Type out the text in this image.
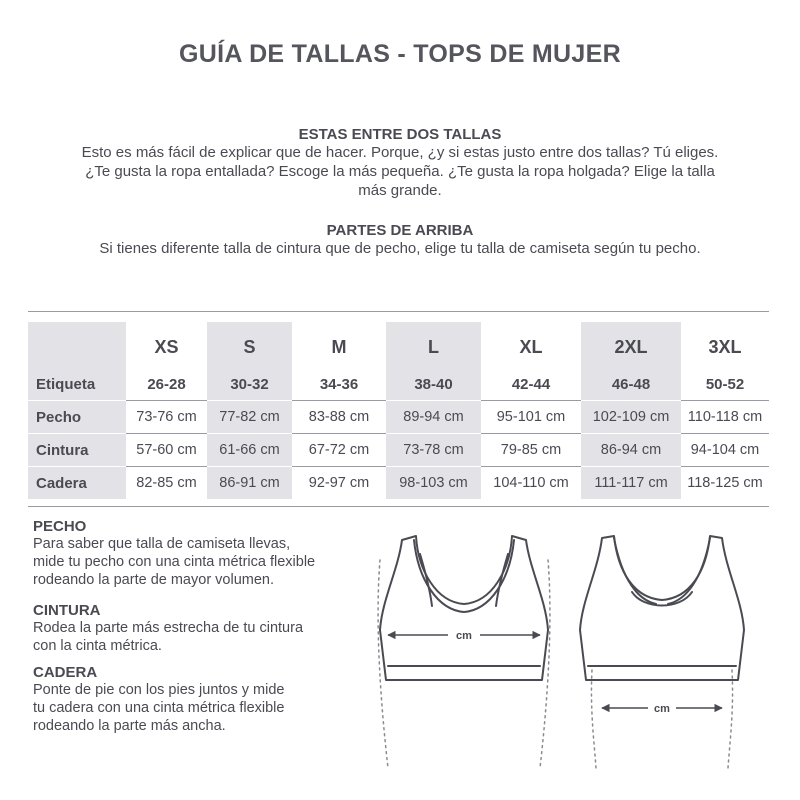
GUÍA DE TALLAS - TOPS DE MUJER
ESTAS ENTRE DOS TALLAS

Esto es más fácil de explicar que de hacer. Porque, ¿y si estas justo entre dos tallas? Tú eliges.

¿Te gusta la ropa entallada? Escoge la más pequeña. ¿Te gusta la ropa holgada? Elige la talla

más grande.

PARTES DE ARRIBA

Si tienes diferente talla de cintura que de pecho, elige tu talla de camiseta según tu pecho.

	XS	S	M	L	XL	2XL	3XL
Etiqueta	26-28	30-32	34-36	38-40	42-44	46-48	50-52
Pecho	73-76 cm	77-82 cm	83-88 cm	89-94 cm	95-101 cm	102-109 cm	110-118 cm
Cintura	57-60 cm	61-66 cm	67-72 cm	73-78 cm	79-85 cm	86-94 cm	94-104 cm
Cadera	82-85 cm	86-91 cm	92-97 cm	98-103 cm	104-110 cm	111-117 cm	118-125 cm
PECHO

Para saber que talla de camiseta llevas,

mide tu pecho con una cinta métrica flexible

rodeando la parte de mayor volumen.

CINTURA

Rodea la parte más estrecha de tu cintura

con la cinta métrica.

CADERA

Ponte de pie con los pies juntos y mide

tu cadera con una cinta métrica flexible

rodeando la parte más ancha.

cm
cm
